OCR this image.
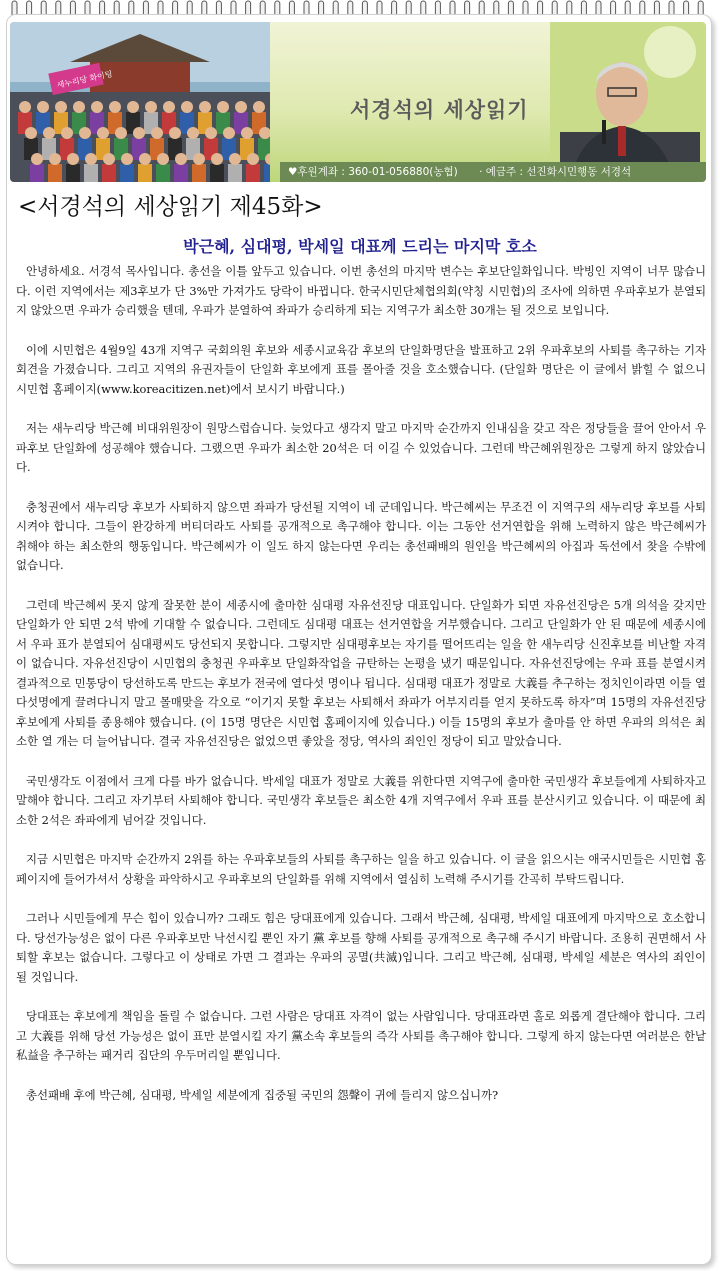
새누리당 화이팅
서경석의 세상읽기
♥후원계좌 : 360-01-056880(농협) · 예금주 : 선진화시민행동 서경석
<서경석의 세상읽기 제45화>
박근혜, 심대평, 박세일 대표께 드리는 마지막 호소

안녕하세요. 서경석 목사입니다. 총선을 이틀 앞두고 있습니다. 이번 총선의 마지막 변수는 후보단일화입니다. 박빙인 지역이 너무 많습니다. 이런 지역에서는 제3후보가 단 3%만 가져가도 당락이 바뀝니다. 한국시민단체협의회(약칭 시민협)의 조사에 의하면 우파후보가 분열되지 않았으면 우파가 승리했을 텐데, 우파가 분열하여 좌파가 승리하게 되는 지역구가 최소한 30개는 될 것으로 보입니다.

이에 시민협은 4월9일 43개 지역구 국회의원 후보와 세종시교육감 후보의 단일화명단을 발표하고 2위 우파후보의 사퇴를 촉구하는 기자회견을 가졌습니다. 그리고 지역의 유권자들이 단일화 후보에게 표를 몰아줄 것을 호소했습니다. (단일화 명단은 이 글에서 밝힐 수 없으니 시민협 홈페이지(www.koreacitizen.net)에서 보시기 바랍니다.)

저는 새누리당 박근혜 비대위원장이 원망스럽습니다. 늦었다고 생각지 말고 마지막 순간까지 인내심을 갖고 작은 정당들을 끌어 안아서 우파후보 단일화에 성공해야 했습니다. 그랬으면 우파가 최소한 20석은 더 이길 수 있었습니다. 그런데 박근혜위원장은 그렇게 하지 않았습니다.

충청권에서 새누리당 후보가 사퇴하지 않으면 좌파가 당선될 지역이 네 군데입니다. 박근혜씨는 무조건 이 지역구의 새누리당 후보를 사퇴시켜야 합니다. 그들이 완강하게 버티더라도 사퇴를 공개적으로 촉구해야 합니다. 이는 그동안 선거연합을 위해 노력하지 않은 박근혜씨가 취해야 하는 최소한의 행동입니다. 박근혜씨가 이 일도 하지 않는다면 우리는 총선패배의 원인을 박근혜씨의 아집과 독선에서 찾을 수밖에 없습니다.

그런데 박근혜씨 못지 않게 잘못한 분이 세종시에 출마한 심대평 자유선진당 대표입니다. 단일화가 되면 자유선진당은 5개 의석을 갖지만 단일화가 안 되면 2석 밖에 기대할 수 없습니다. 그런데도 심대평 대표는 선거연합을 거부했습니다. 그리고 단일화가 안 된 때문에 세종시에서 우파 표가 분열되어 심대평씨도 당선되지 못합니다. 그렇지만 심대평후보는 자기를 떨어뜨리는 일을 한 새누리당 신진후보를 비난할 자격이 없습니다. 자유선진당이 시민협의 충청권 우파후보 단일화작업을 규탄하는 논평을 냈기 때문입니다. 자유선진당에는 우파 표를 분열시켜 결과적으로 민통당이 당선하도록 만드는 후보가 전국에 열다섯 명이나 됩니다. 심대평 대표가 정말로 大義를 추구하는 정치인이라면 이들 열 다섯명에게 끌려다니지 말고 몰매맞을 각오로 “이기지 못할 후보는 사퇴해서 좌파가 어부지리를 얻지 못하도록 하자”며 15명의 자유선진당 후보에게 사퇴를 종용해야 했습니다. (이 15명 명단은 시민협 홈페이지에 있습니다.) 이들 15명의 후보가 출마를 안 하면 우파의 의석은 최소한 열 개는 더 늘어납니다. 결국 자유선진당은 없었으면 좋았을 정당, 역사의 죄인인 정당이 되고 말았습니다.

국민생각도 이점에서 크게 다를 바가 없습니다. 박세일 대표가 정말로 大義를 위한다면 지역구에 출마한 국민생각 후보들에게 사퇴하자고 말해야 합니다. 그리고 자기부터 사퇴해야 합니다. 국민생각 후보들은 최소한 4개 지역구에서 우파 표를 분산시키고 있습니다. 이 때문에 최소한 2석은 좌파에게 넘어갈 것입니다.

지금 시민협은 마지막 순간까지 2위를 하는 우파후보들의 사퇴를 촉구하는 일을 하고 있습니다. 이 글을 읽으시는 애국시민들은 시민협 홈페이지에 들어가셔서 상황을 파악하시고 우파후보의 단일화를 위해 지역에서 열심히 노력해 주시기를 간곡히 부탁드립니다.

그러나 시민들에게 무슨 힘이 있습니까? 그래도 힘은 당대표에게 있습니다. 그래서 박근혜, 심대평, 박세일 대표에게 마지막으로 호소합니다. 당선가능성은 없이 다른 우파후보만 낙선시킬 뿐인 자기 黨 후보를 향해 사퇴를 공개적으로 촉구해 주시기 바랍니다. 조용히 권면해서 사퇴할 후보는 없습니다. 그렇다고 이 상태로 가면 그 결과는 우파의 공멸(共滅)입니다. 그리고 박근혜, 심대평, 박세일 세분은 역사의 죄인이 될 것입니다.

당대표는 후보에게 책임을 돌릴 수 없습니다. 그런 사람은 당대표 자격이 없는 사람입니다. 당대표라면 홀로 외롭게 결단해야 합니다. 그리고 大義를 위해 당선 가능성은 없이 표만 분열시킬 자기 黨소속 후보들의 즉각 사퇴를 촉구해야 합니다. 그렇게 하지 않는다면 여러분은 한낱 私益을 추구하는 패거리 집단의 우두머리일 뿐입니다.

총선패배 후에 박근혜, 심대평, 박세일 세분에게 집중될 국민의 怨聲이 귀에 들리지 않으십니까?
